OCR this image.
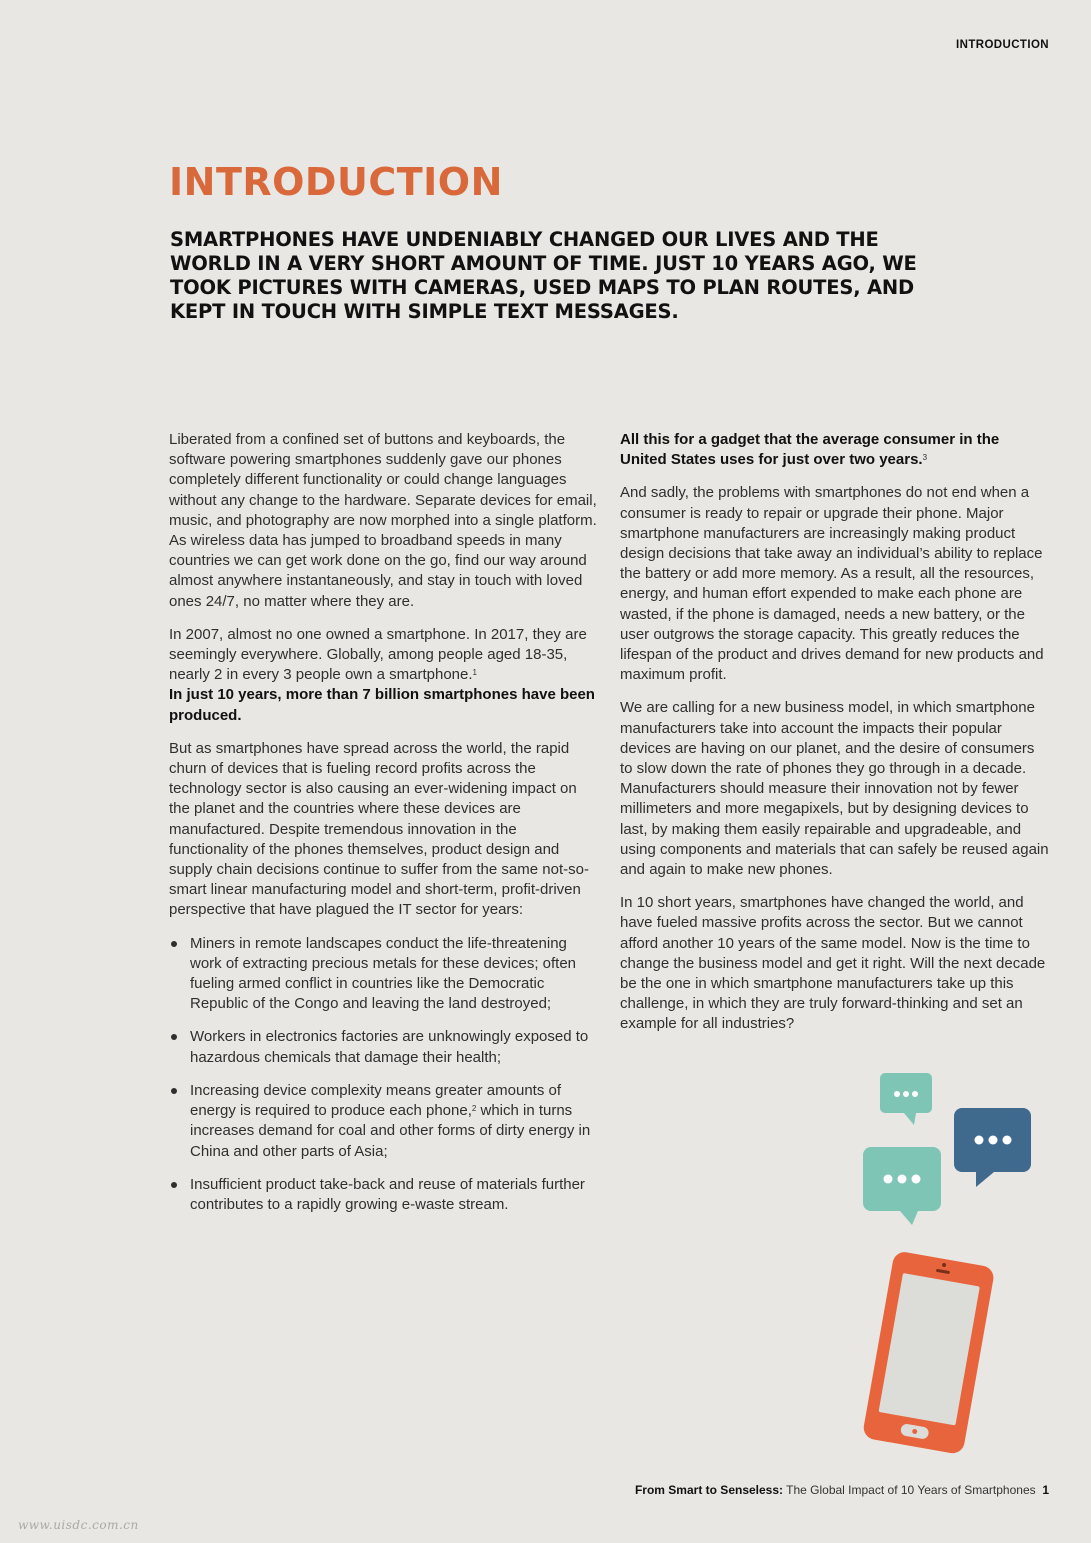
INTRODUCTION
INTRODUCTION

SMARTPHONES HAVE UNDENIABLY CHANGED OUR LIVES AND THE WORLD IN A VERY SHORT AMOUNT OF TIME. JUST 10 YEARS AGO, WE TOOK PICTURES WITH CAMERAS, USED MAPS TO PLAN ROUTES, AND KEPT IN TOUCH WITH SIMPLE TEXT MESSAGES.

Liberated from a confined set of buttons and keyboards, the software powering smartphones suddenly gave our phones completely different functionality or could change languages without any change to the hardware. Separate devices for email, music, and photography are now morphed into a single platform. As wireless data has jumped to broadband speeds in many countries we can get work done on the go, find our way around almost anywhere instantaneously, and stay in touch with loved ones 24/7, no matter where they are.

In 2007, almost no one owned a smartphone. In 2017, they are seemingly everywhere. Globally, among people aged 18-35, nearly 2 in every 3 people own a smartphone.$^1$
In just 10 years, more than 7 billion smartphones have been produced.

But as smartphones have spread across the world, the rapid churn of devices that is fueling record profits across the technology sector is also causing an ever-widening impact on the planet and the countries where these devices are manufactured. Despite tremendous innovation in the functionality of the phones themselves, product design and supply chain decisions continue to suffer from the same not-so-smart linear manufacturing model and short-term, profit-driven perspective that have plagued the IT sector for years:

Miners in remote landscapes conduct the life-threatening work of extracting precious metals for these devices; often fueling armed conflict in countries like the Democratic Republic of the Congo and leaving the land destroyed;
Workers in electronics factories are unknowingly exposed to hazardous chemicals that damage their health;
Increasing device complexity means greater amounts of energy is required to produce each phone,$^2$ which in turns increases demand for coal and other forms of dirty energy in China and other parts of Asia;
Insufficient product take-back and reuse of materials further contributes to a rapidly growing e-waste stream.

All this for a gadget that the average consumer in the United States uses for just over two years.$^3$

And sadly, the problems with smartphones do not end when a consumer is ready to repair or upgrade their phone. Major smartphone manufacturers are increasingly making product design decisions that take away an individual’s ability to replace the battery or add more memory. As a result, all the resources, energy, and human effort expended to make each phone are wasted, if the phone is damaged, needs a new battery, or the user outgrows the storage capacity. This greatly reduces the lifespan of the product and drives demand for new products and maximum profit.

We are calling for a new business model, in which smartphone manufacturers take into account the impacts their popular devices are having on our planet, and the desire of consumers to slow down the rate of phones they go through in a decade. Manufacturers should measure their innovation not by fewer millimeters and more megapixels, but by designing devices to last, by making them easily repairable and upgradeable, and using components and materials that can safely be reused again and again to make new phones.

In 10 short years, smartphones have changed the world, and have fueled massive profits across the sector. But we cannot afford another 10 years of the same model. Now is the time to change the business model and get it right. Will the next decade be the one in which smartphone manufacturers take up this challenge, in which they are truly forward-thinking and set an example for all industries?

From Smart to Senseless: The Global Impact of 10 Years of Smartphones 1
www.uisdc.com.cn
